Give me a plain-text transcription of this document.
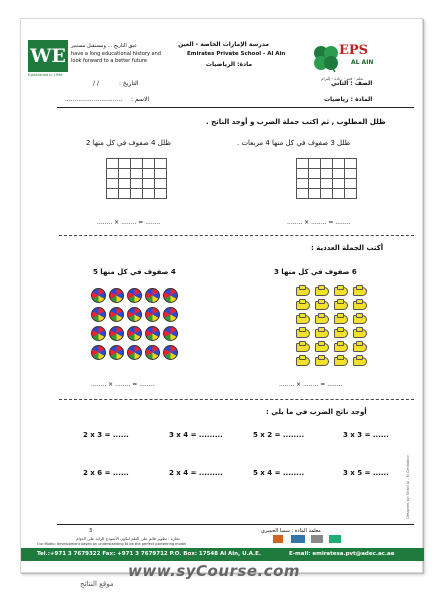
WE
Established in 1996
عبق التاريخ ... ومستقبل مستنير
have a long educational history and
look forward to a better future
مدرسة الإمارات الخاصة - العين
Emirates Private School - Al Ain
مادة: الرياضيات
EPS
AL AIN
تعلم - قيم - ريادة - إلتزام
التاريخ :
/ /	الصف : الثاني
الاسم :
..............................	المادة : رياضيات
ظلل المطلوب , ثم اكتب جملة الضرب و أوجد الناتج .
ظلل 3 صفوف في كل منها 4 مربعات .
ظلل 4 صفوف في كل منها 2
........ × ........ = ........
........ × ........ = ........
أكتب الجملة العددية :
6 صفوف في كل منها 3
4 صفوف في كل منها 5
........ × ........ = ........
........ × ........ = ........
أوجد ناتج الضرب في ما يلي :
2 x 3 = ......	3 x 4 = .........	5 x 2 = ........	3 x 3 = ......
2 x 6 = ......	2 x 4 = .........	5 x 4 = ........	3 x 5 = ......	Designed by: Shadi Al - El Cenbablor
معلمة المادة : سميا الحميري
3
تجارة : تطوير فائم على العلم لنكون الأنموذج الرائد على الدوام
Our Motto: development based on understanding to be the perfect pioneering model
Tel.:+971 3 7679322 Fax: +971 3 7679712 P.O. Box: 17548 Al Ain, U.A.E.	E-mail: emiratesa.pvt@adec.ac.ae
www.syCourse.com
موقع النتائج
